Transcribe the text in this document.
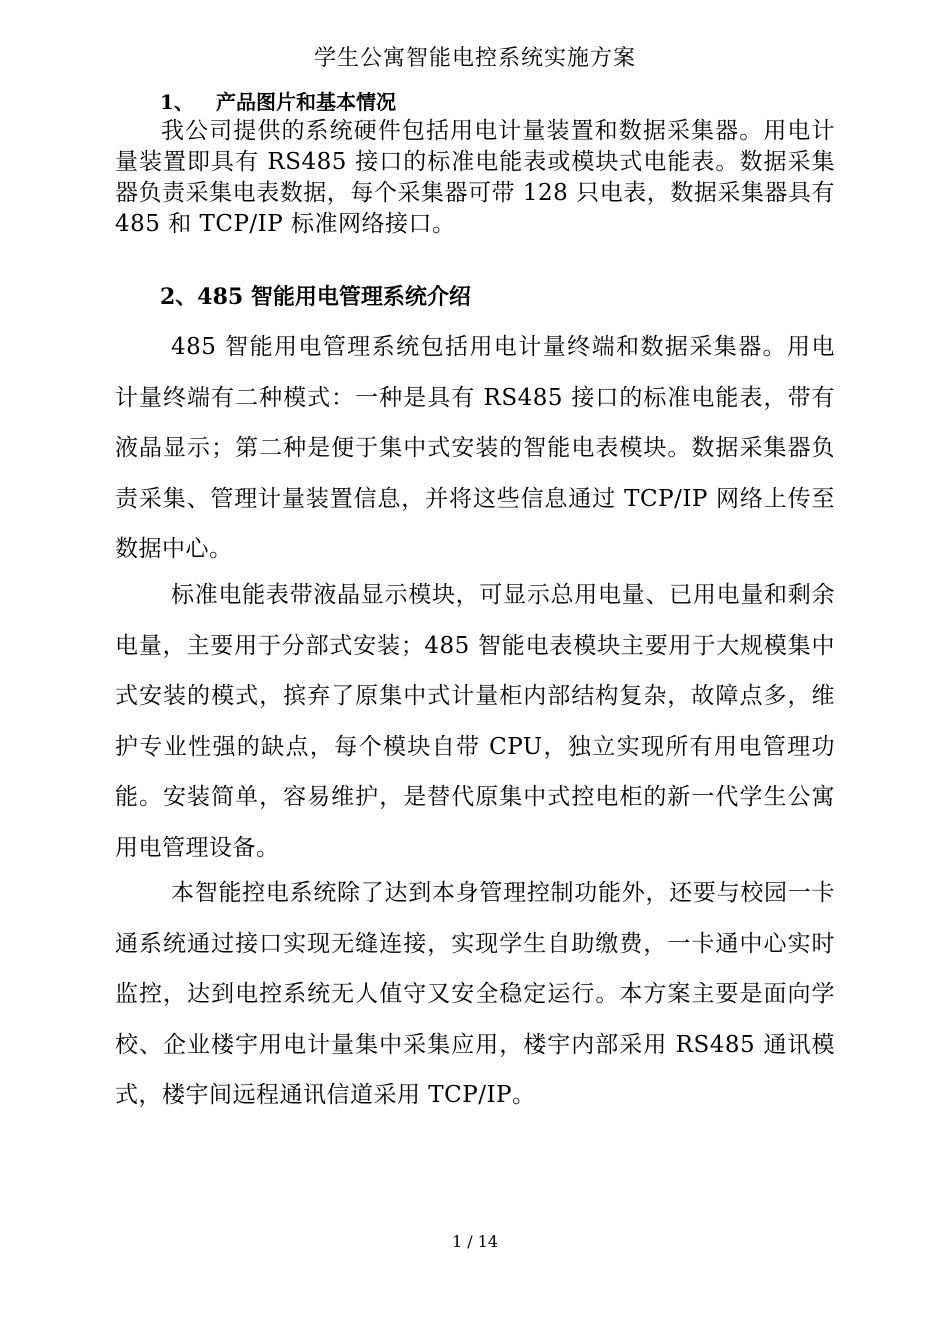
学生公寓智能电控系统实施方案
1、 产品图片和基本情况
我公司提供的系统硬件包括用电计量装置和数据采集器。用电计量装置即具有 RS485 接口的标准电能表或模块式电能表。数据采集器负责采集电表数据，每个采集器可带 128 只电表，数据采集器具有 485 和 TCP/IP 标准网络接口。
2、485 智能用电管理系统介绍
485 智能用电管理系统包括用电计量终端和数据采集器。用电计量终端有二种模式：一种是具有 RS485 接口的标准电能表，带有液晶显示；第二种是便于集中式安装的智能电表模块。数据采集器负责采集、管理计量装置信息，并将这些信息通过 TCP/IP 网络上传至数据中心。
标准电能表带液晶显示模块，可显示总用电量、已用电量和剩余电量，主要用于分部式安装；485 智能电表模块主要用于大规模集中式安装的模式，摈弃了原集中式计量柜内部结构复杂，故障点多，维护专业性强的缺点，每个模块自带 CPU，独立实现所有用电管理功能。安装简单，容易维护，是替代原集中式控电柜的新一代学生公寓用电管理设备。
本智能控电系统除了达到本身管理控制功能外，还要与校园一卡通系统通过接口实现无缝连接，实现学生自助缴费，一卡通中心实时监控，达到电控系统无人值守又安全稳定运行。本方案主要是面向学校、企业楼宇用电计量集中采集应用，楼宇内部采用 RS485 通讯模式，楼宇间远程通讯信道采用 TCP/IP。
1 / 14
